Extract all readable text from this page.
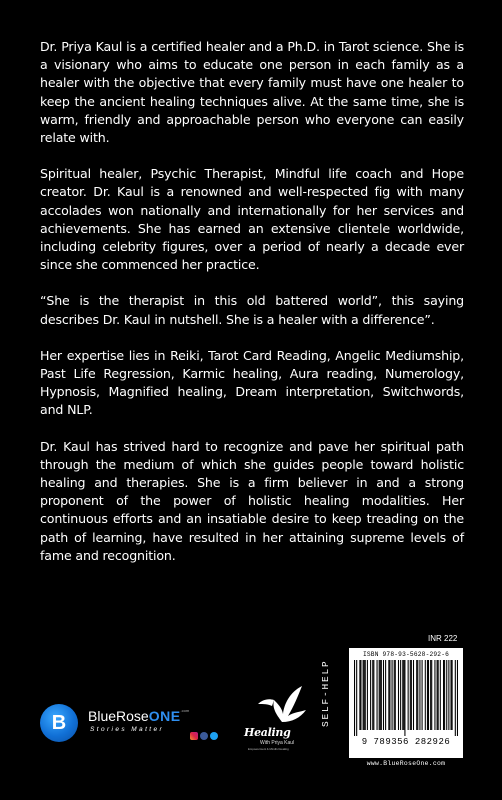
Dr. Priya Kaul is a certified healer and a Ph.D. in Tarot science. She is a visionary who aims to educate one person in each family as a healer with the objective that every family must have one healer to keep the ancient healing techniques alive. At the same time, she is warm, friendly and approachable person who everyone can easily relate with.

Spiritual healer, Psychic Therapist, Mindful life coach and Hope creator. Dr. Kaul is a renowned and well-respected fig with many accolades won nationally and internationally for her services and achievements. She has earned an extensive clientele worldwide, including celebrity figures, over a period of nearly a decade ever since she commenced her practice.

“She is the therapist in this old battered world”, this saying describes Dr. Kaul in nutshell. She is a healer with a difference”.

Her expertise lies in Reiki, Tarot Card Reading, Angelic Mediumship, Past Life Regression, Karmic healing, Aura reading, Numerology, Hypnosis, Magnified healing, Dream interpretation, Switchwords, and NLP.

Dr. Kaul has strived hard to recognize and pave her spiritual path through the medium of which she guides people toward holistic healing and therapies. She is a firm believer in and a strong proponent of the power of holistic healing modalities. Her continuous efforts and an insatiable desire to keep treading on the path of learning, have resulted in her attaining supreme levels of fame and recognition.

B BlueRoseONE$^{.com}$
Stories Matter	Healing
With Priya Kaul
Empowerment & Mindful Healing
SELF-HELP
INR 222
ISBN 978-93-5628-292-6
9 789356 282926
www.BlueRoseOne.com
